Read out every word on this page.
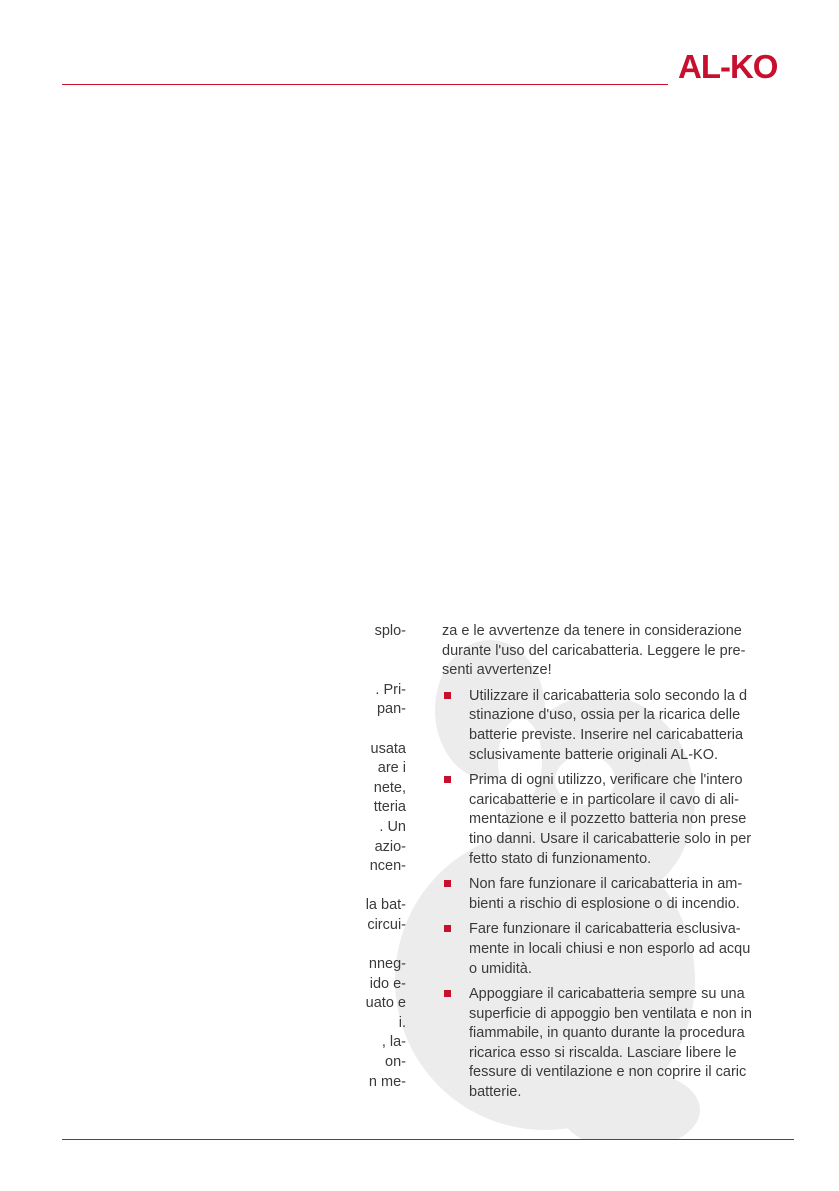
AL-KO
splo-
. Pri-
pan-
usata
are i
nete,
tteria
. Un
azio-
ncen-
la bat-
circui-
nneg-
ido e-
uato e
i.
, la-
on-
n me-
za e le avvertenze da tenere in considerazione
durante l'uso del caricabatteria. Leggere le pre-
senti avvertenze!
Utilizzare il caricabatteria solo secondo la d
stinazione d'uso, ossia per la ricarica delle
batterie previste. Inserire nel caricabatteria
sclusivamente batterie originali AL-KO.
Prima di ogni utilizzo, verificare che l'intero
caricabatterie e in particolare il cavo di ali-
mentazione e il pozzetto batteria non prese
tino danni. Usare il caricabatterie solo in per
fetto stato di funzionamento.
Non fare funzionare il caricabatteria in am-
bienti a rischio di esplosione o di incendio.
Fare funzionare il caricabatteria esclusiva-
mente in locali chiusi e non esporlo ad acqu
o umidità.
Appoggiare il caricabatteria sempre su una
superficie di appoggio ben ventilata e non in
fiammabile, in quanto durante la procedura
ricarica esso si riscalda. Lasciare libere le
fessure di ventilazione e non coprire il caric
batterie.
